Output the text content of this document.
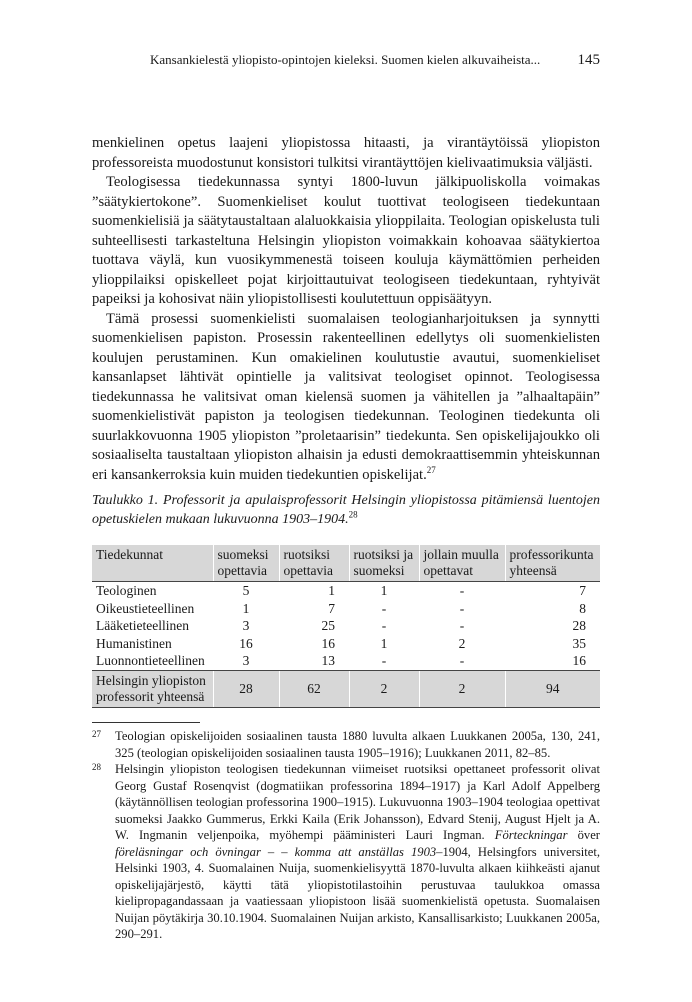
Kansankielestä yliopisto-opintojen kieleksi. Suomen kielen alkuvaiheista... 145

menkielinen opetus laajeni yliopistossa hitaasti, ja virantäytöissä yliopiston professoreista muodostunut konsistori tulkitsi virantäyttöjen kielivaatimuksia väljästi.

Teologisessa tiedekunnassa syntyi 1800-luvun jälkipuoliskolla voimakas ”säätykiertokone”. Suomenkieliset koulut tuottivat teologiseen tiedekuntaan suomenkielisiä ja säätytaustaltaan alaluokkaisia ylioppilaita. Teologian opiskelusta tuli suhteellisesti tarkasteltuna Helsingin yliopiston voimakkain kohoavaa säätykiertoa tuottava väylä, kun vuosikymmenestä toiseen kouluja käymättömien perheiden ylioppilaiksi opiskelleet pojat kirjoittautuivat teologiseen tiedekuntaan, ryhtyivät papeiksi ja kohosivat näin yliopistollisesti koulutettuun oppisäätyyn.

Tämä prosessi suomenkielisti suomalaisen teologianharjoituksen ja synnytti suomenkielisen papiston. Prosessin rakenteellinen edellytys oli suomenkielisten koulujen perustaminen. Kun omakielinen koulutustie avautui, suomenkieliset kansanlapset lähtivät opintielle ja valitsivat teologiset opinnot. Teologisessa tiedekunnassa he valitsivat oman kielensä suomen ja vähitellen ja ”alhaaltapäin” suomenkielistivät papiston ja teologisen tiedekunnan. Teologinen tiedekunta oli suurlakkovuonna 1905 yliopiston ”proletaarisin” tiedekunta. Sen opiskelijajoukko oli sosiaaliselta taustaltaan yliopiston alhaisin ja edusti demokraattisemmin yhteiskunnan eri kansankerroksia kuin muiden tiedekuntien opiskelijat.$^{27}$

Taulukko 1. Professorit ja apulaisprofessorit Helsingin yliopistossa pitämiensä luentojen opetuskielen mukaan lukuvuonna 1903–1904.28
Tiedekunnat	suomeksi opettavia	ruotsiksi opettavia	ruotsiksi ja suomeksi	jollain muulla opettavat	professorikunta yhteensä
Teologinen	5	1	1	-	7
Oikeustieteellinen	1	7	-	-	8
Lääketieteellinen	3	25	-	-	28
Humanistinen	16	16	1	2	35
Luonnontieteellinen	3	13	-	-	16
Helsingin yliopiston professorit yhteensä	28	62	2	2	94
27 Teologian opiskelijoiden sosiaalinen tausta 1880 luvulta alkaen Luukkanen 2005a, 130, 241, 325 (teologian opiskelijoiden sosiaalinen tausta 1905–1916); Luukkanen 2011, 82–85.

28 Helsingin yliopiston teologisen tiedekunnan viimeiset ruotsiksi opettaneet professorit olivat Georg Gustaf Rosenqvist (dogmatiikan professorina 1894–1917) ja Karl Adolf Appelberg (käytännöllisen teologian professorina 1900–1915). Lukuvuonna 1903–1904 teologiaa opettivat suomeksi Jaakko Gummerus, Erkki Kaila (Erik Johansson), Edvard Stenij, August Hjelt ja A. W. Ingmanin veljenpoika, myöhempi pääministeri Lauri Ingman. Förteckningar över föreläsningar och övningar – – komma att anställas 1903–1904, Helsingfors universitet, Helsinki 1903, 4. Suomalainen Nuija, suomenkielisyyttä 1870-luvulta alkaen kiihkeästi ajanut opiskelijajärjestö, käytti tätä yliopistotilastoihin perustuvaa taulukkoa omassa kielipropagandassaan ja vaatiessaan yliopistoon lisää suomenkielistä opetusta. Suomalaisen Nuijan pöytäkirja 30.10.1904. Suomalainen Nuijan arkisto, Kansallisarkisto; Luukkanen 2005a, 290–291.
